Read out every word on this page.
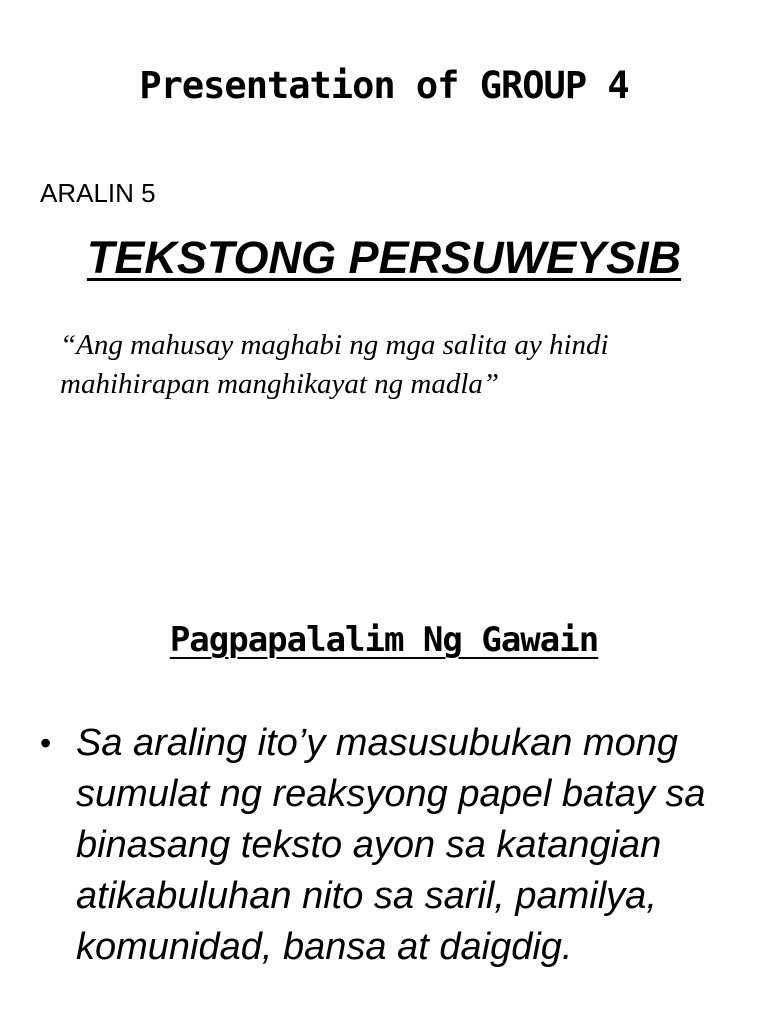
Presentation of GROUP 4
ARALIN 5
TEKSTONG PERSUWEYSIB

“Ang mahusay maghabi ng mga salita ay hindi mahihirapan manghikayat ng madla”

Pagpapalalim Ng Gawain
• Sa araling ito’y masusubukan mong sumulat ng reaksyong papel batay sa binasang teksto ayon sa katangian atikabuluhan nito sa saril, pamilya, komunidad, bansa at daigdig.
